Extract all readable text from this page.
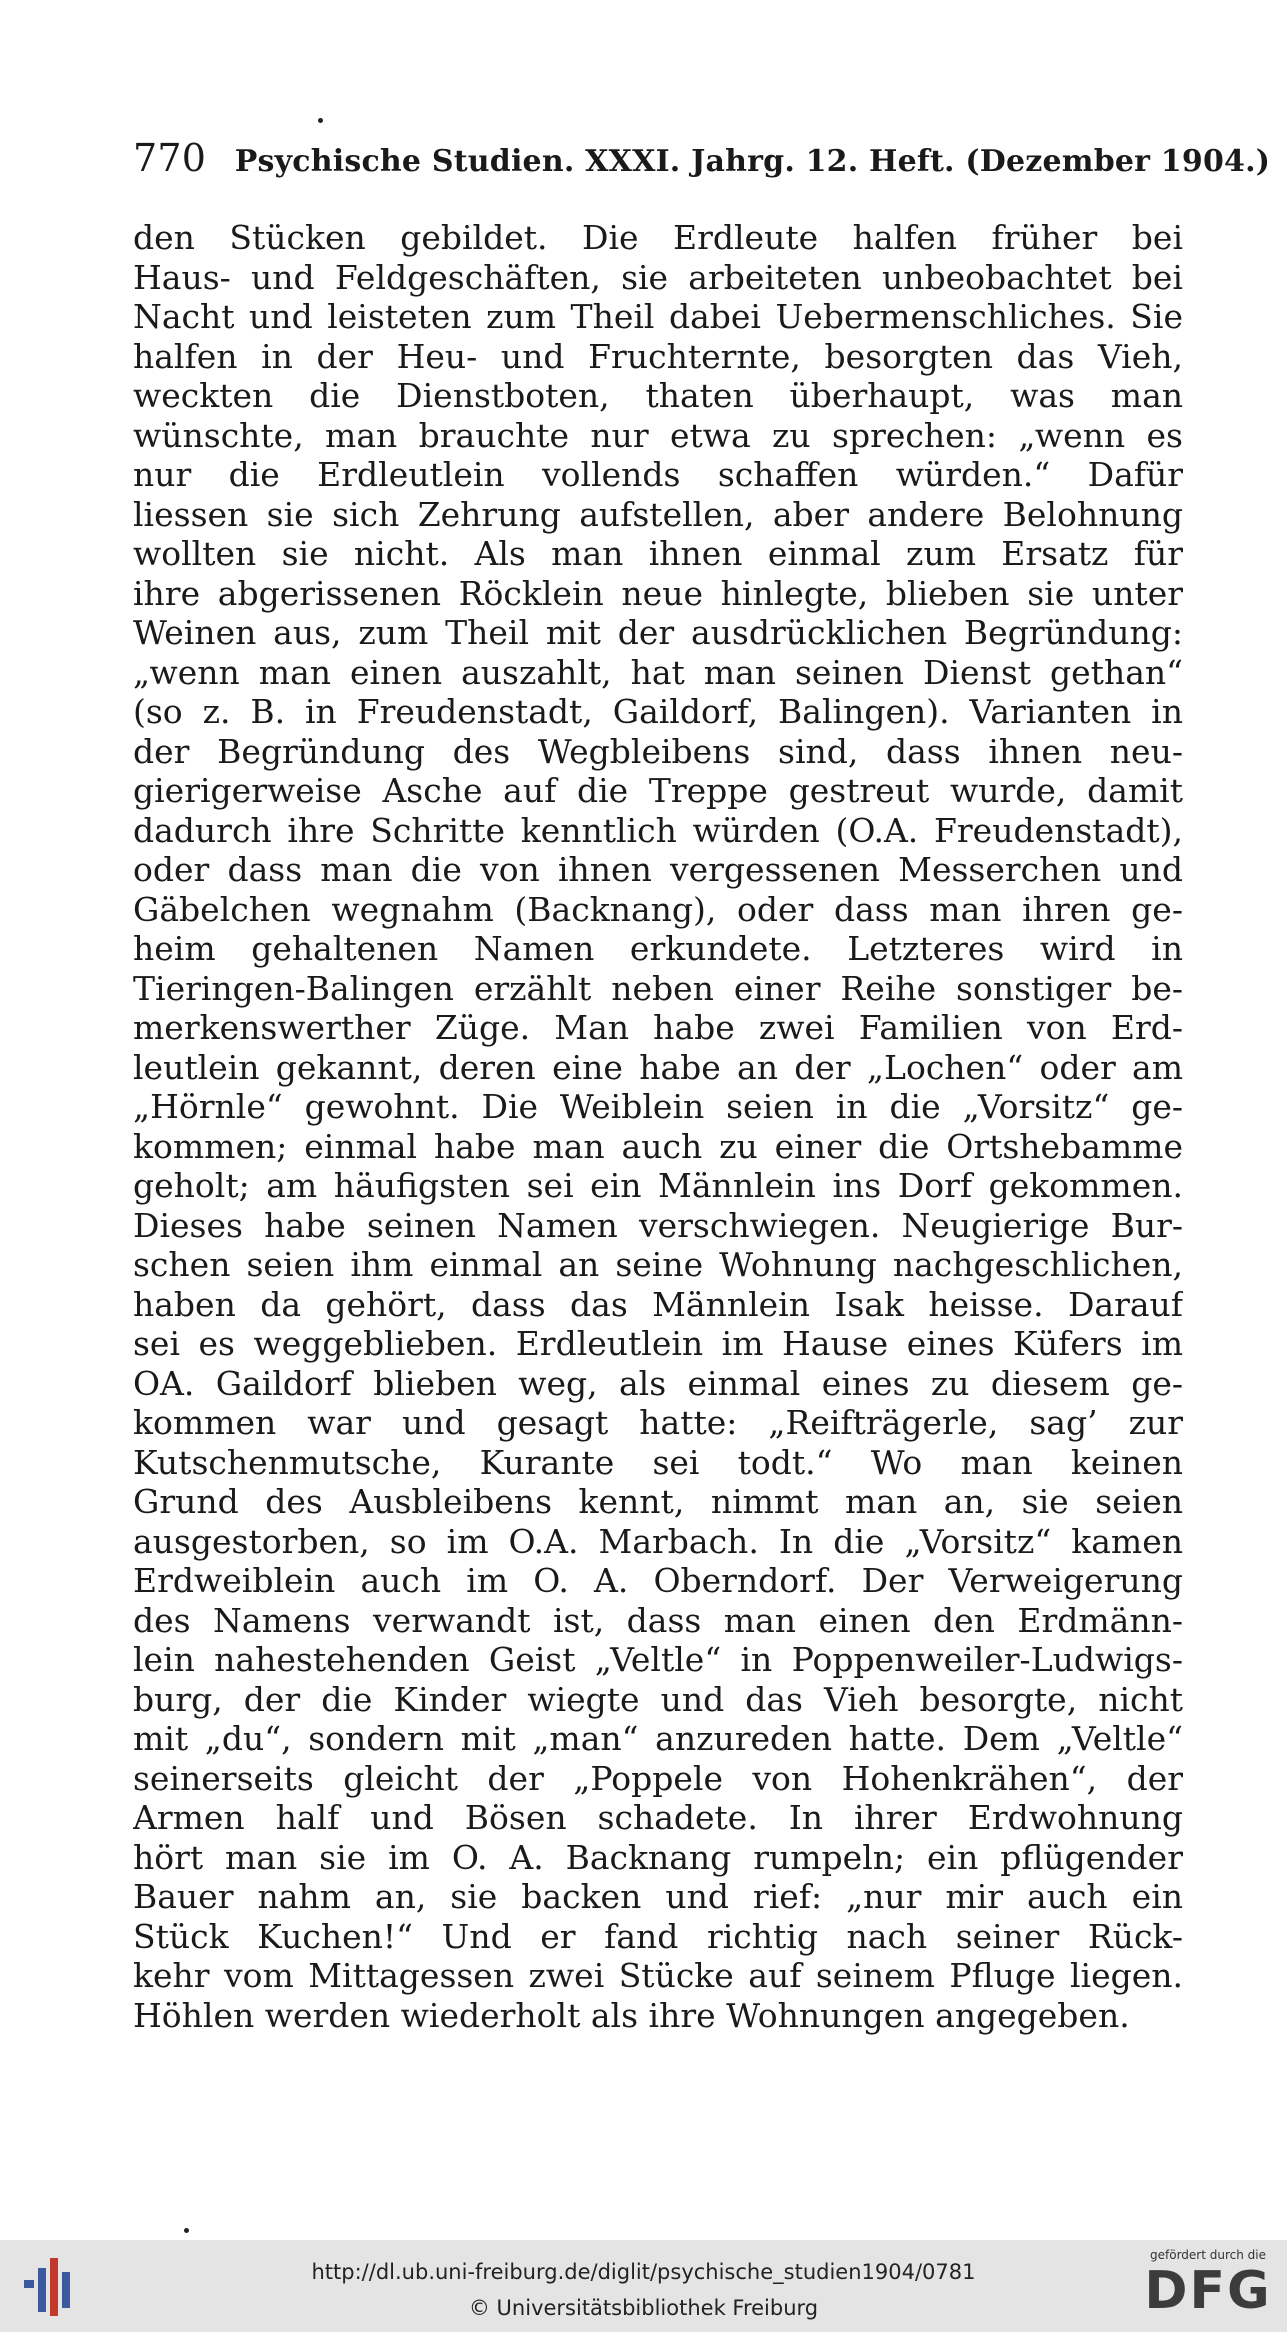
770 Psychische Studien. XXXI. Jahrg. 12. Heft. (Dezember 1904.)
den Stücken gebildet. Die Erdleute halfen früher bei
Haus- und Feldgeschäften, sie arbeiteten unbeobachtet bei
Nacht und leisteten zum Theil dabei Uebermenschliches. Sie
halfen in der Heu- und Fruchternte, besorgten das Vieh,
weckten die Dienstboten, thaten überhaupt, was man
wünschte, man brauchte nur etwa zu sprechen: „wenn es
nur die Erdleutlein vollends schaffen würden.“ Dafür
liessen sie sich Zehrung aufstellen, aber andere Belohnung
wollten sie nicht. Als man ihnen einmal zum Ersatz für
ihre abgerissenen Röcklein neue hinlegte, blieben sie unter
Weinen aus, zum Theil mit der ausdrücklichen Begründung:
„wenn man einen auszahlt, hat man seinen Dienst gethan“
(so z. B. in Freudenstadt, Gaildorf, Balingen). Varianten in
der Begründung des Wegbleibens sind, dass ihnen neu-
gierigerweise Asche auf die Treppe gestreut wurde, damit
dadurch ihre Schritte kenntlich würden (O.A. Freudenstadt),
oder dass man die von ihnen vergessenen Messerchen und
Gäbelchen wegnahm (Backnang), oder dass man ihren ge-
heim gehaltenen Namen erkundete. Letzteres wird in
Tieringen-Balingen erzählt neben einer Reihe sonstiger be-
merkenswerther Züge. Man habe zwei Familien von Erd-
leutlein gekannt, deren eine habe an der „Lochen“ oder am
„Hörnle“ gewohnt. Die Weiblein seien in die „Vorsitz“ ge-
kommen; einmal habe man auch zu einer die Ortshebamme
geholt; am häufigsten sei ein Männlein ins Dorf gekommen.
Dieses habe seinen Namen verschwiegen. Neugierige Bur-
schen seien ihm einmal an seine Wohnung nachgeschlichen,
haben da gehört, dass das Männlein Isak heisse. Darauf
sei es weggeblieben. Erdleutlein im Hause eines Küfers im
OA. Gaildorf blieben weg, als einmal eines zu diesem ge-
kommen war und gesagt hatte: „Reifträgerle, sag’ zur
Kutschenmutsche, Kurante sei todt.“ Wo man keinen
Grund des Ausbleibens kennt, nimmt man an, sie seien
ausgestorben, so im O.A. Marbach. In die „Vorsitz“ kamen
Erdweiblein auch im O. A. Oberndorf. Der Verweigerung
des Namens verwandt ist, dass man einen den Erdmänn-
lein nahestehenden Geist „Veltle“ in Poppenweiler-Ludwigs-
burg, der die Kinder wiegte und das Vieh besorgte, nicht
mit „du“, sondern mit „man“ anzureden hatte. Dem „Veltle“
seinerseits gleicht der „Poppele von Hohenkrähen“, der
Armen half und Bösen schadete. In ihrer Erdwohnung
hört man sie im O. A. Backnang rumpeln; ein pflügender
Bauer nahm an, sie backen und rief: „nur mir auch ein
Stück Kuchen!“ Und er fand richtig nach seiner Rück-
kehr vom Mittagessen zwei Stücke auf seinem Pfluge liegen.
Höhlen werden wiederholt als ihre Wohnungen angegeben.
http://dl.ub.uni-freiburg.de/diglit/psychische_studien1904/0781
© Universitätsbibliothek Freiburg
gefördert durch die
DFG
